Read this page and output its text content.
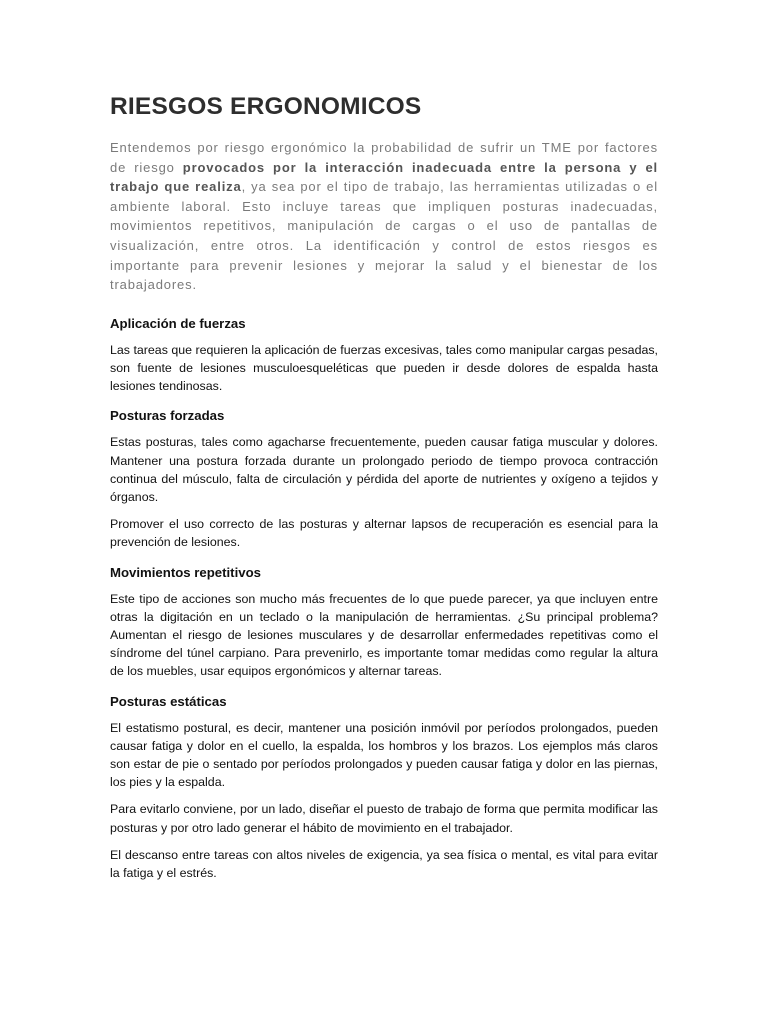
RIESGOS ERGONOMICOS

Entendemos por riesgo ergonómico la probabilidad de sufrir un TME por factores de riesgo provocados por la interacción inadecuada entre la persona y el trabajo que realiza, ya sea por el tipo de trabajo, las herramientas utilizadas o el ambiente laboral. Esto incluye tareas que impliquen posturas inadecuadas, movimientos repetitivos, manipulación de cargas o el uso de pantallas de visualización, entre otros. La identificación y control de estos riesgos es importante para prevenir lesiones y mejorar la salud y el bienestar de los trabajadores.

Aplicación de fuerzas

Las tareas que requieren la aplicación de fuerzas excesivas, tales como manipular cargas pesadas, son fuente de lesiones musculoesqueléticas que pueden ir desde dolores de espalda hasta lesiones tendinosas.

Posturas forzadas

Estas posturas, tales como agacharse frecuentemente, pueden causar fatiga muscular y dolores. Mantener una postura forzada durante un prolongado periodo de tiempo provoca contracción continua del músculo, falta de circulación y pérdida del aporte de nutrientes y oxígeno a tejidos y órganos.

Promover el uso correcto de las posturas y alternar lapsos de recuperación es esencial para la prevención de lesiones.

Movimientos repetitivos

Este tipo de acciones son mucho más frecuentes de lo que puede parecer, ya que incluyen entre otras la digitación en un teclado o la manipulación de herramientas. ¿Su principal problema? Aumentan el riesgo de lesiones musculares y de desarrollar enfermedades repetitivas como el síndrome del túnel carpiano. Para prevenirlo, es importante tomar medidas como regular la altura de los muebles, usar equipos ergonómicos y alternar tareas.

Posturas estáticas

El estatismo postural, es decir, mantener una posición inmóvil por períodos prolongados, pueden causar fatiga y dolor en el cuello, la espalda, los hombros y los brazos. Los ejemplos más claros son estar de pie o sentado por períodos prolongados y pueden causar fatiga y dolor en las piernas, los pies y la espalda.

Para evitarlo conviene, por un lado, diseñar el puesto de trabajo de forma que permita modificar las posturas y por otro lado generar el hábito de movimiento en el trabajador.

El descanso entre tareas con altos niveles de exigencia, ya sea física o mental, es vital para evitar la fatiga y el estrés.
